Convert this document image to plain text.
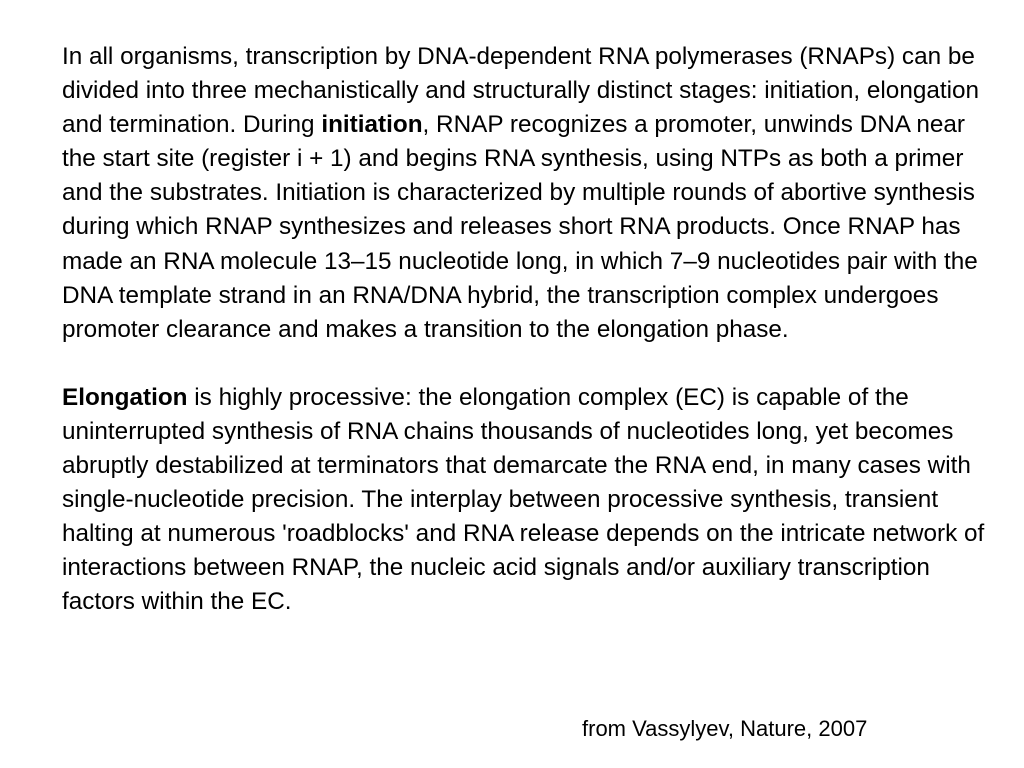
In all organisms, transcription by DNA-dependent RNA polymerases (RNAPs) can be divided into three mechanistically and structurally distinct stages: initiation, elongation and termination. During initiation, RNAP recognizes a promoter, unwinds DNA near the start site (register i + 1) and begins RNA synthesis, using NTPs as both a primer and the substrates. Initiation is characterized by multiple rounds of abortive synthesis during which RNAP synthesizes and releases short RNA products. Once RNAP has made an RNA molecule 13–15 nucleotide long, in which 7–9 nucleotides pair with the DNA template strand in an RNA/DNA hybrid, the transcription complex undergoes promoter clearance and makes a transition to the elongation phase.

Elongation is highly processive: the elongation complex (EC) is capable of the uninterrupted synthesis of RNA chains thousands of nucleotides long, yet becomes abruptly destabilized at terminators that demarcate the RNA end, in many cases with single-nucleotide precision. The interplay between processive synthesis, transient halting at numerous 'roadblocks' and RNA release depends on the intricate network of interactions between RNAP, the nucleic acid signals and/or auxiliary transcription factors within the EC.

from Vassylyev, Nature, 2007
